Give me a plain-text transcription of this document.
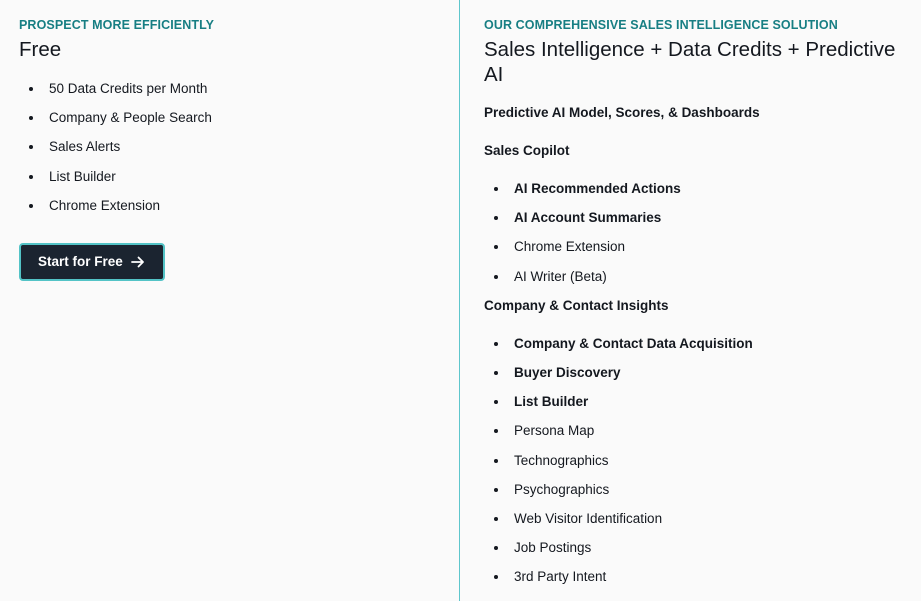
PROSPECT MORE EFFICIENTLY

Free
50 Data Credits per Month
Company & People Search
Sales Alerts
List Builder
Chrome Extension
Start for Free

OUR COMPREHENSIVE SALES INTELLIGENCE SOLUTION

Sales Intelligence + Data Credits + Predictive AI

Predictive AI Model, Scores, & Dashboards

Sales Copilot

AI Recommended Actions
AI Account Summaries
Chrome Extension
AI Writer (Beta)

Company & Contact Insights

Company & Contact Data Acquisition
Buyer Discovery
List Builder
Persona Map
Technographics
Psychographics
Web Visitor Identification
Job Postings
3rd Party Intent
